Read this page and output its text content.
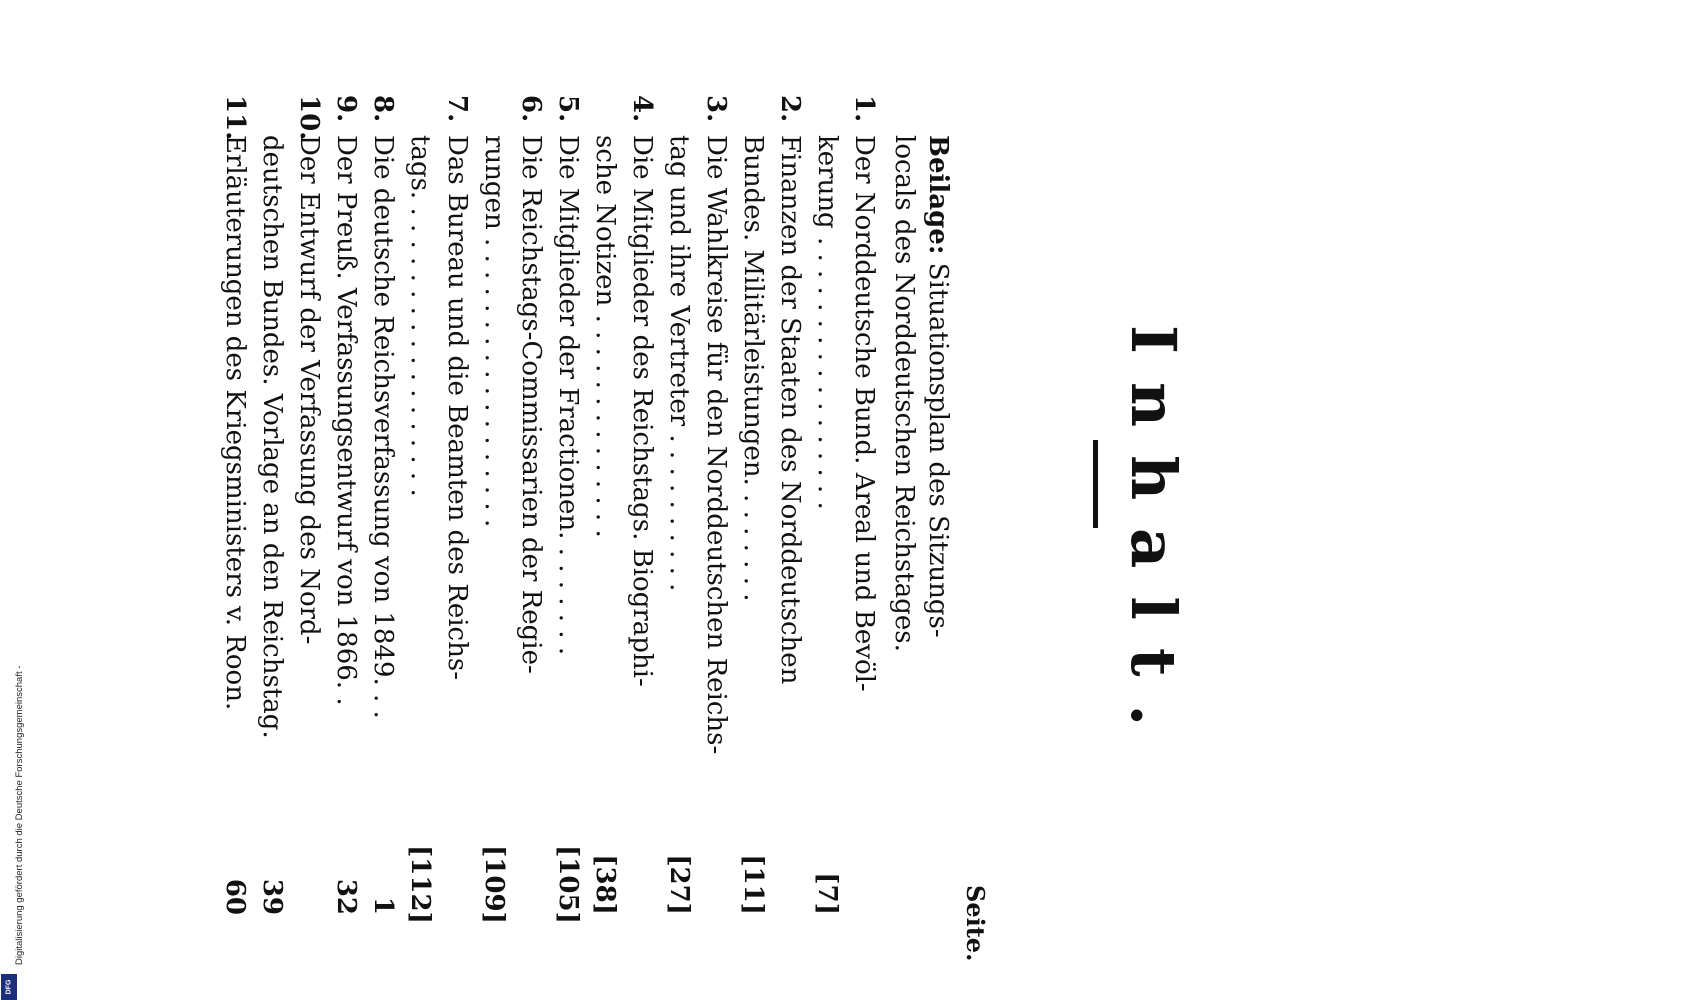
Digitalisierung gefördert durch die Deutsche Forschungsgemeinschaft -
DFG
Inhalt.
Seite.
Beilage: Situationsplan des Sitzungs-
locals des Norddeutschen Reichstages.
1.
Der Norddeutsche Bund. Areal und Bevöl-
kerung . . . . . . . . . . . . . . . . .
[7]
2.
Finanzen der Staaten des Norddeutschen
Bundes. Militärleistungen. . . . . . . .
[11]
3.
Die Wahlkreise für den Norddeutschen Reichs-
tag und ihre Vertreter . . . . . . . . . .
[27]
4.
Die Mitglieder des Reichstags. Biographi-
sche Notizen . . . . . . . . . . . . . .
[38]
5.
Die Mitglieder der Fractionen. . . . . . . .
[105]
6.
Die Reichstags-Commissarien der Regie-
rungen . . . . . . . . . . . . . . . . . .
[109]
7.
Das Bureau und die Beamten des Reichs-
tags. . . . . . . . . . . . . . . . . . .
[112]
8.
Die deutsche Reichsverfassung von 1849. . .
1
9.
Der Preuß. Verfassungsentwurf von 1866. .
32
10.
Der Entwurf der Verfassung des Nord-
deutschen Bundes. Vorlage an den Reichstag.
39
11.
Erläuterungen des Kriegsministers v. Roon.
60
